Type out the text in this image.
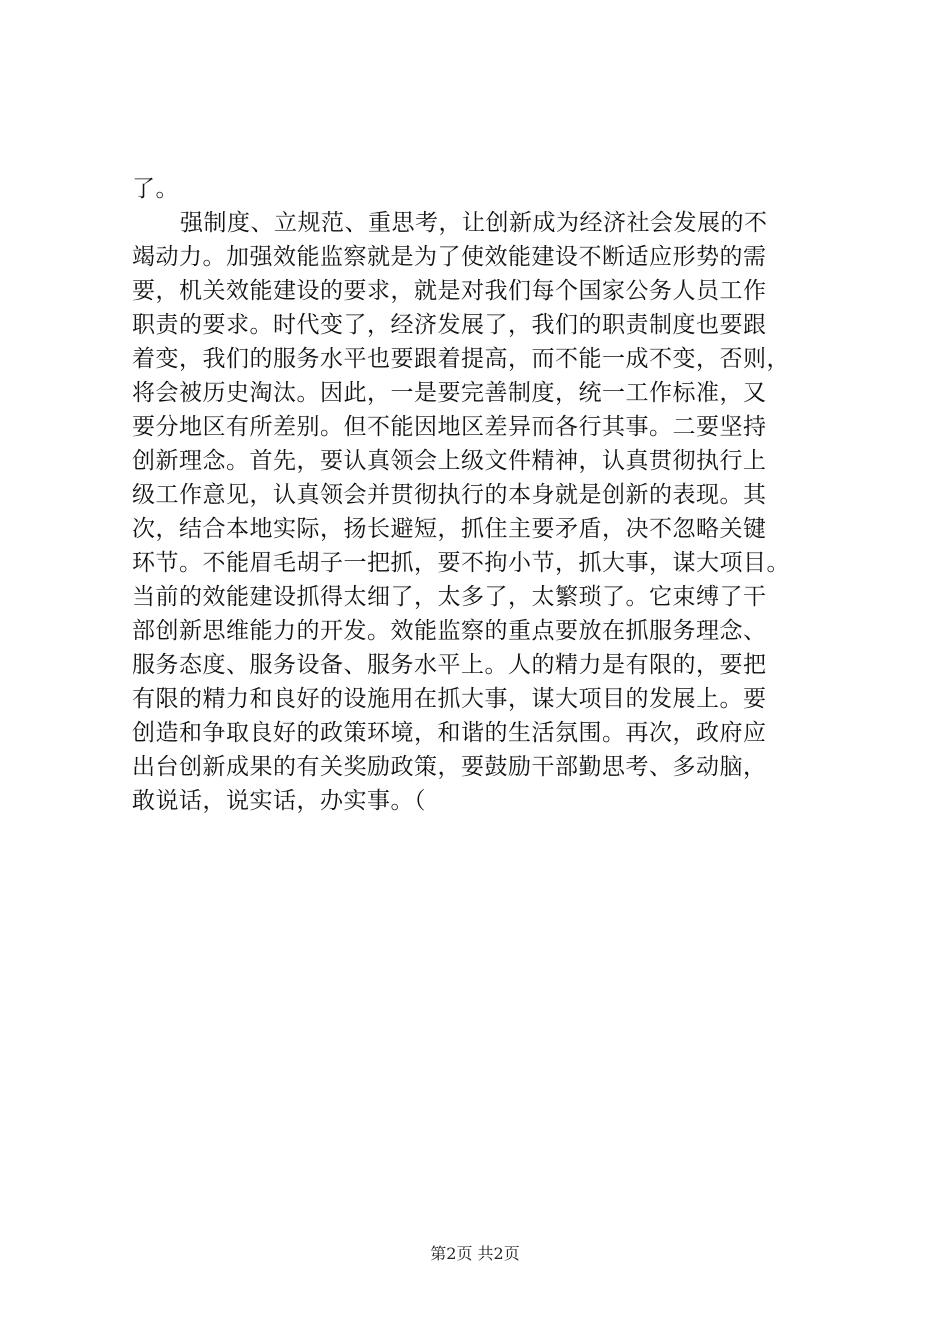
了。
强制度、立规范、重思考，让创新成为经济社会发展的不
竭动力。加强效能监察就是为了使效能建设不断适应形势的需
要，机关效能建设的要求，就是对我们每个国家公务人员工作
职责的要求。时代变了，经济发展了，我们的职责制度也要跟
着变，我们的服务水平也要跟着提高，而不能一成不变，否则，
将会被历史淘汰。因此，一是要完善制度，统一工作标准，又
要分地区有所差别。但不能因地区差异而各行其事。二要坚持
创新理念。首先，要认真领会上级文件精神，认真贯彻执行上
级工作意见，认真领会并贯彻执行的本身就是创新的表现。其
次，结合本地实际，扬长避短，抓住主要矛盾，决不忽略关键
环节。不能眉毛胡子一把抓，要不拘小节，抓大事，谋大项目。
当前的效能建设抓得太细了，太多了，太繁琐了。它束缚了干
部创新思维能力的开发。效能监察的重点要放在抓服务理念、
服务态度、服务设备、服务水平上。人的精力是有限的，要把
有限的精力和良好的设施用在抓大事，谋大项目的发展上。要
创造和争取良好的政策环境，和谐的生活氛围。再次，政府应
出台创新成果的有关奖励政策，要鼓励干部勤思考、多动脑，
敢说话，说实话，办实事。（
第2页 共2页
